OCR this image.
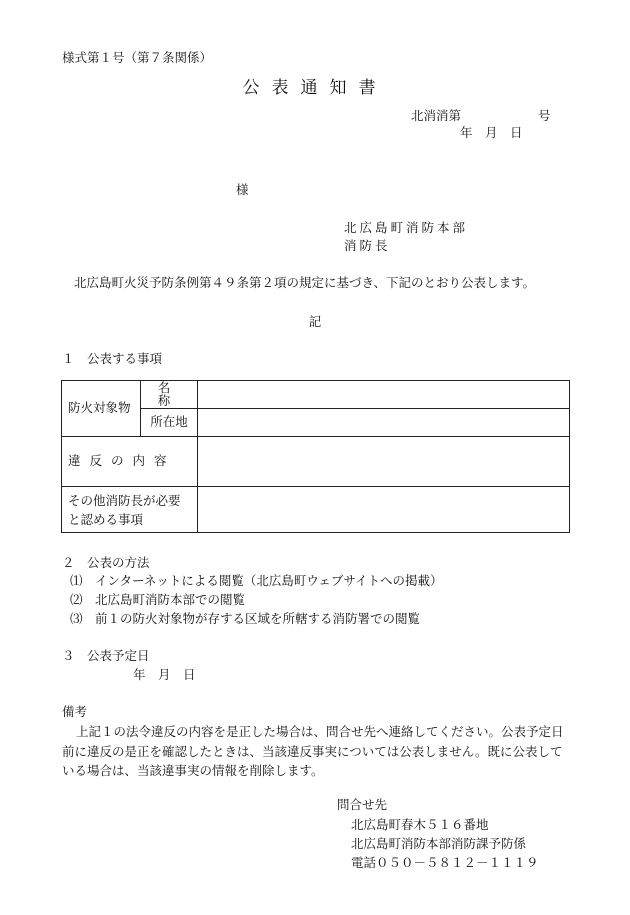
様式第１号（第７条関係）
公表通知書
北消消第	号
年　月　日
様
北広島町消防本部
消防長
北広島町火災予防条例第４９条第２項の規定に基づき、下記のとおり公表します。
記
１　公表する事項
防火対象物	名　称	
	所在地	
違反の内容		
その他消防長が必要と認める事項		
２　公表の方法
⑴　インターネットによる閲覧（北広島町ウェブサイトへの掲載）
⑵　北広島町消防本部での閲覧
⑶　前１の防火対象物が存する区域を所轄する消防署での閲覧
３　公表予定日
年　月　日
備考
上記１の法令違反の内容を是正した場合は、問合せ先へ連絡してください。公表予定日前に違反の是正を確認したときは、当該違反事実については公表しません。既に公表している場合は、当該違事実の情報を削除します。
問合せ先
北広島町春木５１６番地
北広島町消防本部消防課予防係
電話０５０－５８１２－１１１９
